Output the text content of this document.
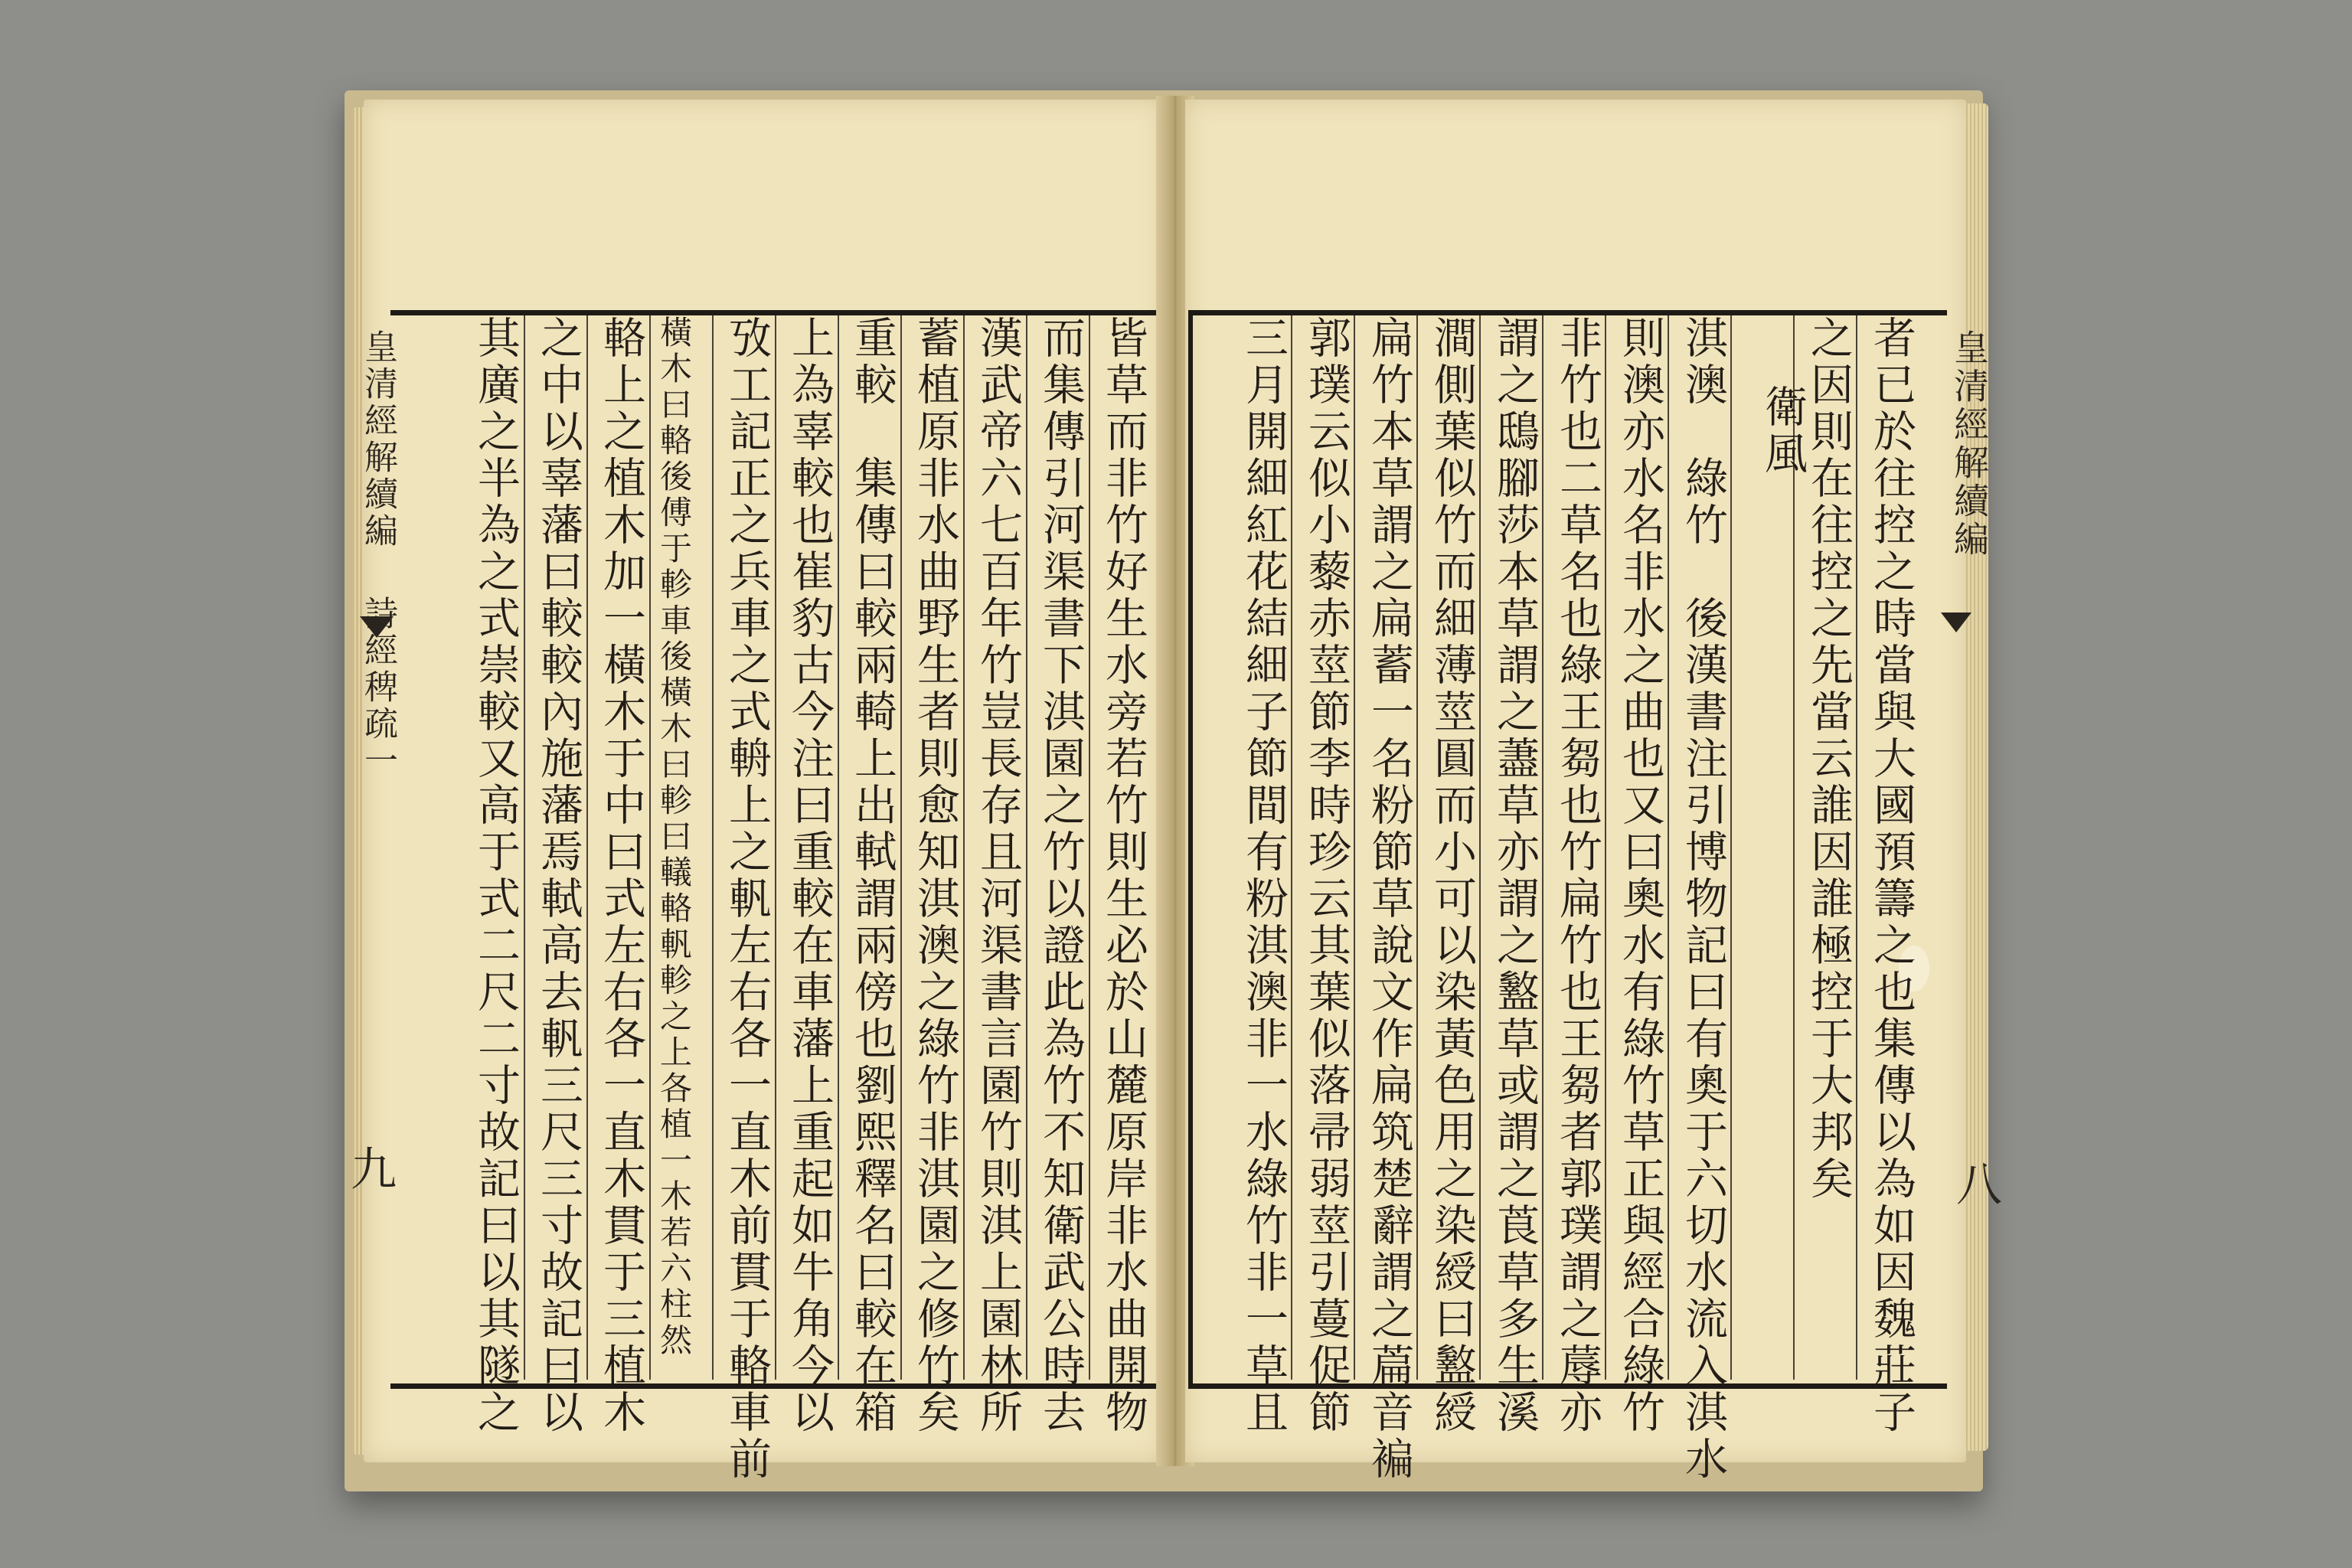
皇清經解續編詩經稗疏一
九	皆草而非竹好生水旁若竹則生必於山麓原岸非水曲開物
而集傳引河渠書下淇園之竹以證此為竹不知衛武公時去
漢武帝六七百年竹豈長存且河渠書言園竹則淇上園林所
蓄植原非水曲野生者則愈知淇澳之綠竹非淇園之修竹矣
重較　集傳曰較兩輢上出軾謂兩傍也劉熙釋名曰較在箱
上為辜較也崔豹古今注曰重較在車藩上重起如牛角今以
攷工記正之兵車之式輈上之軓左右各一直木前貫于輅車前
橫木曰輅後傅于軫車後橫木曰軫曰轙輅軓軫之上各植一木若六柱然
輅上之植木加一橫木于中曰式左右各一直木貫于三植木
之中以辜藩曰較較內施藩焉軾高去軓三尺三寸故記曰以
其廣之半為之式崇較又高于式二尺二寸故記曰以其隧之	皇清經解續編
八
者已於往控之時當與大國預籌之也集傳以為如因魏莊子
之因則在往控之先當云誰因誰極控于大邦矣
衛風
淇澳　綠竹　後漢書注引博物記曰有奧于六切水流入淇水
則澳亦水名非水之曲也又曰奧水有綠竹草正與經合綠竹
非竹也二草名也綠王芻也竹扁竹也王芻者郭璞謂之蓐亦
謂之鴟腳莎本草謂之藎草亦謂之盭草或謂之莨草多生溪
澗側葉似竹而細薄莖圓而小可以染黃色用之染綬曰盭綬
扁竹本草謂之扁蓄一名粉節草說文作扁筑楚辭謂之萹音褊
郭璞云似小藜赤莖節李時珍云其葉似落帚弱莖引蔓促節
三月開細紅花結細子節間有粉淇澳非一水綠竹非一草且
